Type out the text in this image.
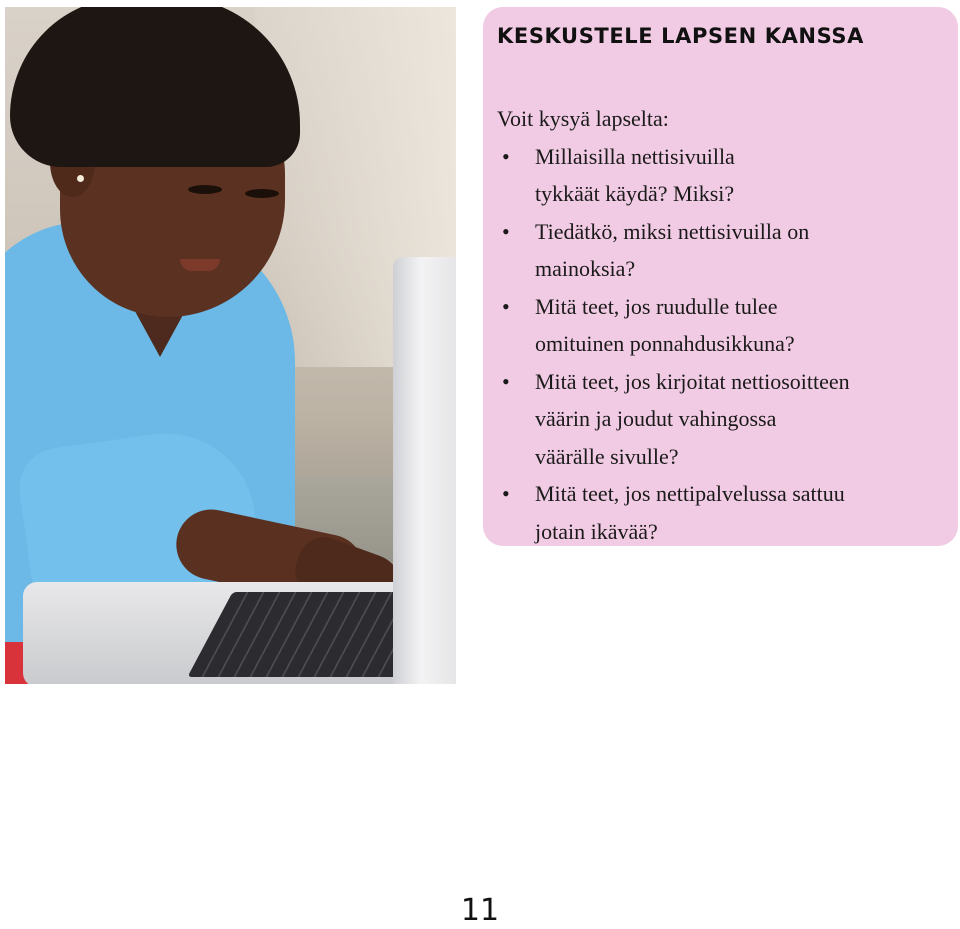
KESKUSTELE LAPSEN KANSSA

Voit kysyä lapselta:

• Millaisilla nettisivuilla
tykkäät käydä? Miksi?
• Tiedätkö, miksi nettisivuilla on
mainoksia?
• Mitä teet, jos ruudulle tulee
omituinen ponnahdusikkuna?
• Mitä teet, jos kirjoitat nettiosoitteen
väärin ja joudut vahingossa
väärälle sivulle?
• Mitä teet, jos nettipalvelussa sattuu
jotain ikävää?
11
